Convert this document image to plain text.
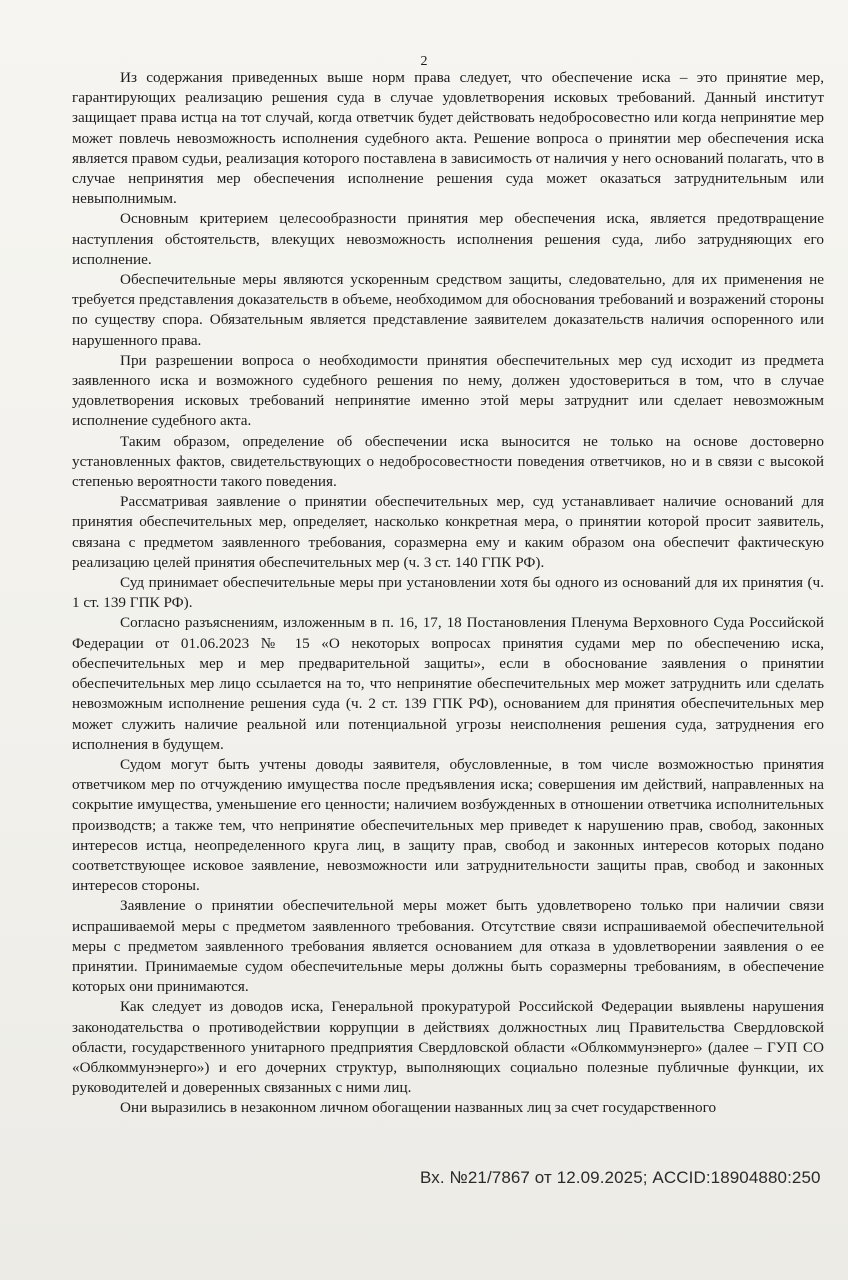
2

Из содержания приведенных выше норм права следует, что обеспечение иска – это принятие мер, гарантирующих реализацию решения суда в случае удовлетворения исковых требований. Данный институт защищает права истца на тот случай, когда ответчик будет действовать недобросовестно или когда непринятие мер может повлечь невозможность исполнения судебного акта. Решение вопроса о принятии мер обеспечения иска является правом судьи, реализация которого поставлена в зависимость от наличия у него оснований полагать, что в случае непринятия мер обеспечения исполнение решения суда может оказаться затруднительным или невыполнимым.

Основным критерием целесообразности принятия мер обеспечения иска, является предотвращение наступления обстоятельств, влекущих невозможность исполнения решения суда, либо затрудняющих его исполнение.

Обеспечительные меры являются ускоренным средством защиты, следовательно, для их применения не требуется представления доказательств в объеме, необходимом для обоснования требований и возражений стороны по существу спора. Обязательным является представление заявителем доказательств наличия оспоренного или нарушенного права.

При разрешении вопроса о необходимости принятия обеспечительных мер суд исходит из предмета заявленного иска и возможного судебного решения по нему, должен удостовериться в том, что в случае удовлетворения исковых требований непринятие именно этой меры затруднит или сделает невозможным исполнение судебного акта.

Таким образом, определение об обеспечении иска выносится не только на основе достоверно установленных фактов, свидетельствующих о недобросовестности поведения ответчиков, но и в связи с высокой степенью вероятности такого поведения.

Рассматривая заявление о принятии обеспечительных мер, суд устанавливает наличие оснований для принятия обеспечительных мер, определяет, насколько конкретная мера, о принятии которой просит заявитель, связана с предметом заявленного требования, соразмерна ему и каким образом она обеспечит фактическую реализацию целей принятия обеспечительных мер (ч. 3 ст. 140 ГПК РФ).

Суд принимает обеспечительные меры при установлении хотя бы одного из оснований для их принятия (ч. 1 ст. 139 ГПК РФ).

Согласно разъяснениям, изложенным в п. 16, 17, 18 Постановления Пленума Верховного Суда Российской Федерации от 01.06.2023 № 15 «О некоторых вопросах принятия судами мер по обеспечению иска, обеспечительных мер и мер предварительной защиты», если в обоснование заявления о принятии обеспечительных мер лицо ссылается на то, что непринятие обеспечительных мер может затруднить или сделать невозможным исполнение решения суда (ч. 2 ст. 139 ГПК РФ), основанием для принятия обеспечительных мер может служить наличие реальной или потенциальной угрозы неисполнения решения суда, затруднения его исполнения в будущем.

Судом могут быть учтены доводы заявителя, обусловленные, в том числе возможностью принятия ответчиком мер по отчуждению имущества после предъявления иска; совершения им действий, направленных на сокрытие имущества, уменьшение его ценности; наличием возбужденных в отношении ответчика исполнительных производств; а также тем, что непринятие обеспечительных мер приведет к нарушению прав, свобод, законных интересов истца, неопределенного круга лиц, в защиту прав, свобод и законных интересов которых подано соответствующее исковое заявление, невозможности или затруднительности защиты прав, свобод и законных интересов стороны.

Заявление о принятии обеспечительной меры может быть удовлетворено только при наличии связи испрашиваемой меры с предметом заявленного требования. Отсутствие связи испрашиваемой обеспечительной меры с предметом заявленного требования является основанием для отказа в удовлетворении заявления о ее принятии. Принимаемые судом обеспечительные меры должны быть соразмерны требованиям, в обеспечение которых они принимаются.

Как следует из доводов иска, Генеральной прокуратурой Российской Федерации выявлены нарушения законодательства о противодействии коррупции в действиях должностных лиц Правительства Свердловской области, государственного унитарного предприятия Свердловской области «Облкоммунэнерго» (далее – ГУП СО «Облкоммунэнерго») и его дочерних структур, выполняющих социально полезные публичные функции, их руководителей и доверенных связанных с ними лиц.

Они выразились в незаконном личном обогащении названных лиц за счет государственного

Вх. №21/7867 от 12.09.2025; ACCID:18904880:250
